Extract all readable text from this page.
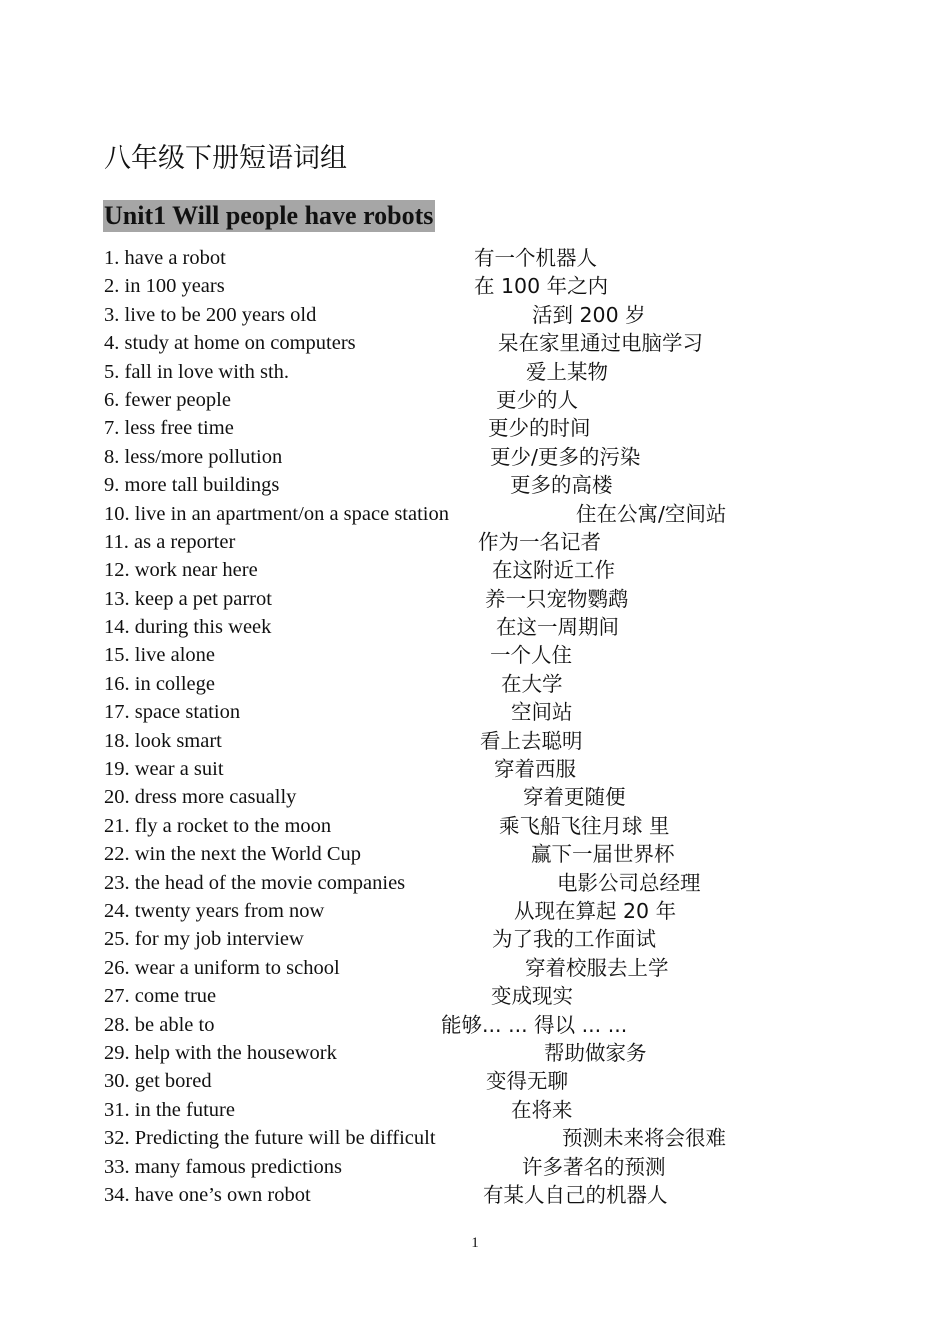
八年级下册短语词组
Unit1 Will people have robots
1. have a robot	有一个机器人
2. in 100 years	在 100 年之内
3. live to be 200 years old	活到 200 岁
4. study at home on computers	呆在家里通过电脑学习
5. fall in love with sth.	爱上某物
6. fewer people	更少的人
7. less free time	更少的时间
8. less/more pollution	更少/更多的污染
9. more tall buildings	更多的高楼
10. live in an apartment/on a space station	住在公寓/空间站
11. as a reporter	作为一名记者
12. work near here	在这附近工作
13. keep a pet parrot	养一只宠物鹦鹉
14. during this week	在这一周期间
15. live alone	一个人住
16. in college	在大学
17. space station	空间站
18. look smart	看上去聪明
19. wear a suit	穿着西服
20. dress more casually	穿着更随便
21. fly a rocket to the moon	乘飞船飞往月球 里
22. win the next the World Cup	赢下一届世界杯
23. the head of the movie companies	电影公司总经理
24. twenty years from now	从现在算起 20 年
25. for my job interview	为了我的工作面试
26. wear a uniform to school	穿着校服去上学
27. come true	变成现实
28. be able to	能够... ... 得以 ... ...
29. help with the housework	帮助做家务
30. get bored	变得无聊
31. in the future	在将来
32. Predicting the future will be difficult	预测未来将会很难
33. many famous predictions	许多著名的预测
34. have one’s own robot	有某人自己的机器人
1
